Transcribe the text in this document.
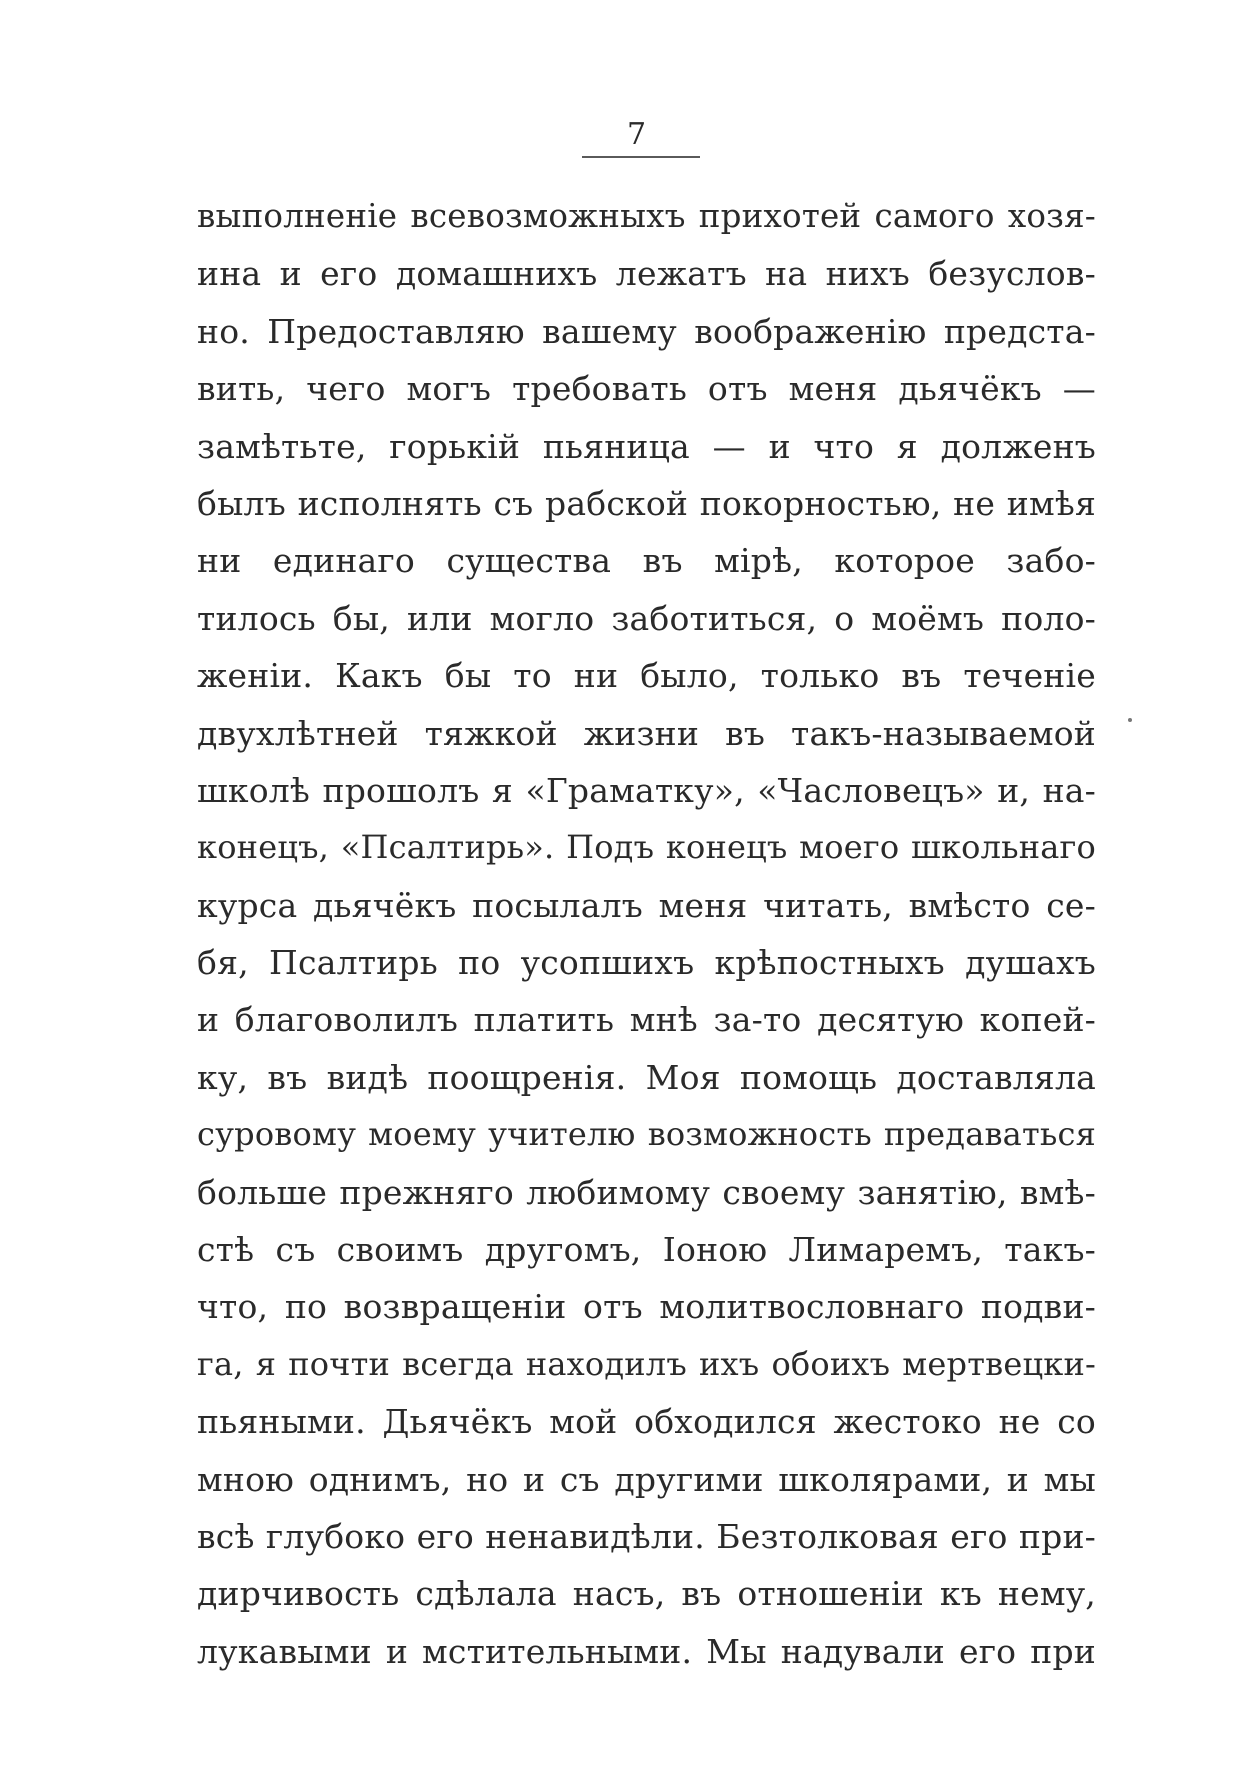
7
выполненіе всевозможныхъ прихотей самого хозя-
ина и его домашнихъ лежатъ на нихъ безуслов-
но. Предоставляю вашему воображенію предста-
вить, чего могъ требовать отъ меня дьячёкъ —
замѣтьте, горькій пьяница — и что я долженъ
былъ исполнять съ рабской покорностью, не имѣя
ни единаго существа въ мірѣ, которое забо-
тилось бы, или могло заботиться, о моёмъ поло-
женіи. Какъ бы то ни было, только въ теченіе
двухлѣтней тяжкой жизни въ такъ-называемой
школѣ прошолъ я «Граматку», «Часловецъ» и, на-
конецъ, «Псалтирь». Подъ конецъ моего школьнаго
курса дьячёкъ посылалъ меня читать, вмѣсто се-
бя, Псалтирь по усопшихъ крѣпостныхъ душахъ
и благоволилъ платить мнѣ за-то десятую копей-
ку, въ видѣ поощренія. Моя помощь доставляла
суровому моему учителю возможность предаваться
больше прежняго любимому своему занятію, вмѣ-
стѣ съ своимъ другомъ, Іоною Лимаремъ, такъ-
что, по возвращеніи отъ молитвословнаго подви-
га, я почти всегда находилъ ихъ обоихъ мертвецки-
пьяными. Дьячёкъ мой обходился жестоко не со
мною однимъ, но и съ другими школярами, и мы
всѣ глубоко его ненавидѣли. Безтолковая его при-
дирчивость сдѣлала насъ, въ отношеніи къ нему,
лукавыми и мстительными. Мы надували его при
